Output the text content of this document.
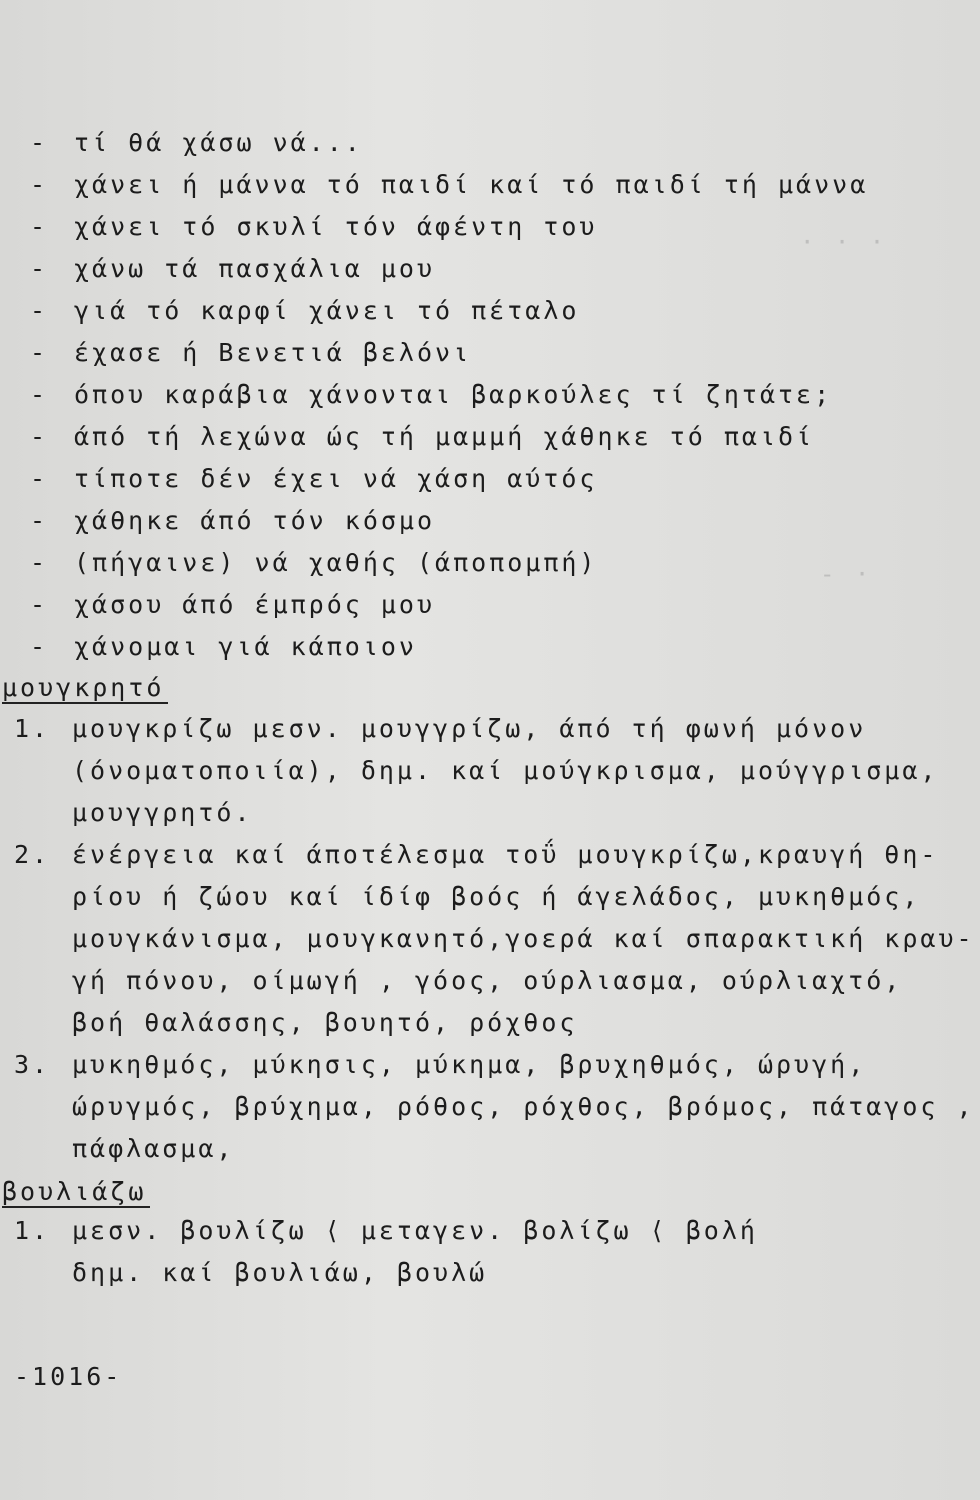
· · ·
- ·
- τί θά χάσω νά...
- χάνει ή μάννα τό παιδί καί τό παιδί τή μάννα
- χάνει τό σκυλί τόν άφέντη του
- χάνω τά πασχάλια μου
- γιά τό καρφί χάνει τό πέταλο
- έχασε ή Βενετιά βελόνι
- όπου καράβια χάνονται βαρκούλες τί ζητάτε;
- άπό τή λεχώνα ώς τή μαμμή χάθηκε τό παιδί
- τίποτε δέν έχει νά χάση αύτός
- χάθηκε άπό τόν κόσμο
- (πήγαινε) νά χαθής (άποπομπή)
- χάσου άπό έμπρός μου
- χάνομαι γιά κάποιον
μουγκρητό
1. μουγκρίζω μεσν. μουγγρίζω, άπό τή φωνή μόνον
(όνοματοποιία), δημ. καί μούγκρισμα, μούγγρισμα,
μουγγρητό.
2. ένέργεια καί άποτέλεσμα τοΰ μουγκρίζω,κραυγή θη-
ρίου ή ζώου καί ίδίφ βοός ή άγελάδος, μυκηθμός,
μουγκάνισμα, μουγκανητό,γοερά καί σπαρακτική κραυ-
γή πόνου, οίμωγή , γόος, ούρλιασμα, ούρλιαχτό,
βοή θαλάσσης, βουητό, ρόχθος
3. μυκηθμός, μύκησις, μύκημα, βρυχηθμός, ώρυγή,
ώρυγμός, βρύχημα, ρόθος, ρόχθος, βρόμος, πάταγος ,
πάφλασμα,
βουλιάζω
1. μεσν. βουλίζω ⟨ μεταγεν. βολίζω ⟨ βολή
δημ. καί βουλιάω, βουλώ
-1016-
